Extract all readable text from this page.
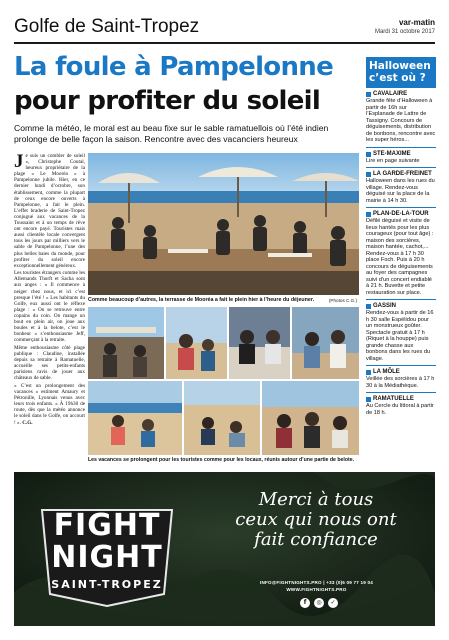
Golfe de Saint-Tropez	var-matin
Mardi 31 octobre 2017
La foule à Pampelonne
pour profiter du soleil
Comme la météo, le moral est au beau fixe sur le sable ramatuellois où l’été indien prolonge de belle façon la saison. Rencontre avec des vacanciers heureux
J e suis un combler de soleil », Christophe Coutal, heureux propriétaire de la plage « Le Mooréa » à Pampelonne jubile. Hier, en ce dernier lundi d’octobre, son établissement, comme la plupart de ceux encore ouverts à Pampelonne, a fait le plein. L’effet braderie de Saint-Tropez conjugué aux vacances de la Toussaint et à un temps de rêve ont encore payé. Touristes mais aussi clientèle locale convergent tous les jours par milliers vers le sable de Pampelonne, l’une des plus belles baies du monde, pour profiter du soleil encore exceptionnellement généreux.

Les touristes étrangers comme les Allemands Thorft et Sacha sont aux anges : « Il commence à neiger chez nous, et ici c’est presque l’été ! » Les habitants du Golfe, eux aussi ont le réflexe plage : « On se retrouve entre copains du coin. On mange un bout en plein air, on joue aux boules et à la belote, c’est le bonheur » s’enthousiasme Jeff, commerçant à la retraite.

Même enthousiasme côté plage publique : Claudine, installée depuis sa retraite à Ramatuelle, accueille ses petits-enfants parisiens ravis de jouer aux châteaux de sable.

« C’est un prolongement des vacances » estiment Amaury et Pétronille, Lyonnais venus avec leurs trois enfants. « À 19h30 de route, dès que la météo annonce le soleil dans le Golfe, on accourt ! ». C.G.

Comme beaucoup d’autres, la terrasse de Mooréa a fait le plein hier à l’heure du déjeuner.	(Photos C.G.)
Les vacances se prolongent pour les touristes comme pour les locaux, réunis autour d’une partie de belote.
Halloween c’est où ?
CAVALAIRE
Grande fête d’Halloween à partir de 16h sur l’Esplanade de Lattre de Tassigny. Concours de déguisements, distribution de bonbons, rencontre avec les super héros...
STE-MAXIME
Lire en page suivante
LA GARDE-FREINET
Halloween dans les rues du village. Rendez-vous déguisé sur la place de la mairie à 14 h 30.
PLAN-DE-LA-TOUR
Défilé déguisé et visite de lieux hantés pour les plus courageux (pour tout âge) : maison des sorcières, maison hantée, cachot,... Rendez-vous à 17 h 30 place Foch. Puis à 20 h concours de déguisements au foyer des campagnes suivi d’un concert endiablé à 21 h. Buvette et petite restauration sur place.
GASSIN
Rendez-vous à partir de 16 h 30 salle Espélidou pour un monstrueux goûter. Spectacle gratuit à 17 h (Riquet à la houppe) puis grande chasse aux bonbons dans les rues du village.
LA MÔLE
Veillée des sorcières à 17 h 30 à la Médiathèque.
RAMATUELLE
Au Cercle du littoral à partir de 18 h.
FIGHT
NIGHT
SAINT-TROPEZ
Merci à tous
ceux qui nous ont
fait confiance
INFO@FIGHTNIGHTS.PRO | +33 (0)6 09 77 19 04
WWW.FIGHTNIGHTS.PRO
f	◎	✓
